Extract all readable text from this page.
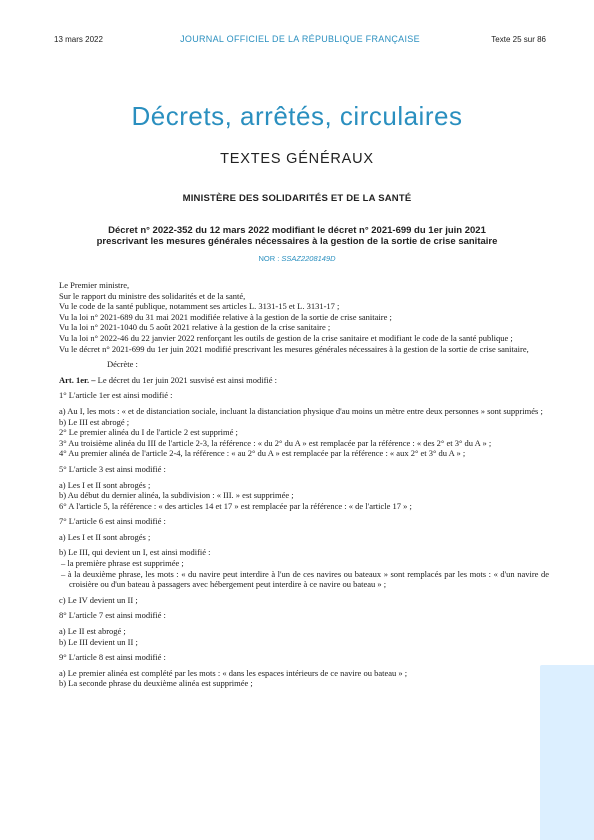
13 mars 2022	JOURNAL OFFICIEL DE LA RÉPUBLIQUE FRANÇAISE	Texte 25 sur 86
Décrets, arrêtés, circulaires
TEXTES GÉNÉRAUX
MINISTÈRE DES SOLIDARITÉS ET DE LA SANTÉ
Décret n° 2022-352 du 12 mars 2022 modifiant le décret n° 2021-699 du 1er juin 2021
prescrivant les mesures générales nécessaires à la gestion de la sortie de crise sanitaire
NOR : SSAZ2208149D

Le Premier ministre,

Sur le rapport du ministre des solidarités et de la santé,

Vu le code de la santé publique, notamment ses articles L. 3131-15 et L. 3131-17 ;

Vu la loi n° 2021-689 du 31 mai 2021 modifiée relative à la gestion de la sortie de crise sanitaire ;

Vu la loi n° 2021-1040 du 5 août 2021 relative à la gestion de la crise sanitaire ;

Vu la loi n° 2022-46 du 22 janvier 2022 renforçant les outils de gestion de la crise sanitaire et modifiant le code de la santé publique ;

Vu le décret n° 2021-699 du 1er juin 2021 modifié prescrivant les mesures générales nécessaires à la gestion de la sortie de crise sanitaire,

Décrète :

Art. 1er. – Le décret du 1er juin 2021 susvisé est ainsi modifié :

1° L'article 1er est ainsi modifié :

a) Au I, les mots : « et de distanciation sociale, incluant la distanciation physique d'au moins un mètre entre deux personnes » sont supprimés ;

b) Le III est abrogé ;

2° Le premier alinéa du I de l'article 2 est supprimé ;

3° Au troisième alinéa du III de l'article 2-3, la référence : « du 2° du A » est remplacée par la référence : « des 2° et 3° du A » ;

4° Au premier alinéa de l'article 2-4, la référence : « au 2° du A » est remplacée par la référence : « aux 2° et 3° du A » ;

5° L'article 3 est ainsi modifié :

a) Les I et II sont abrogés ;

b) Au début du dernier alinéa, la subdivision : « III. » est supprimée ;

6° A l'article 5, la référence : « des articles 14 et 17 » est remplacée par la référence : « de l'article 17 » ;

7° L'article 6 est ainsi modifié :

a) Les I et II sont abrogés ;

b) Le III, qui devient un I, est ainsi modifié :

– la première phrase est supprimée ;

– à la deuxième phrase, les mots : « du navire peut interdire à l'un de ces navires ou bateaux » sont remplacés par les mots : « d'un navire de croisière ou d'un bateau à passagers avec hébergement peut interdire à ce navire ou bateau » ;

c) Le IV devient un II ;

8° L'article 7 est ainsi modifié :

a) Le II est abrogé ;

b) Le III devient un II ;

9° L'article 8 est ainsi modifié :

a) Le premier alinéa est complété par les mots : « dans les espaces intérieurs de ce navire ou bateau » ;

b) La seconde phrase du deuxième alinéa est supprimée ;
